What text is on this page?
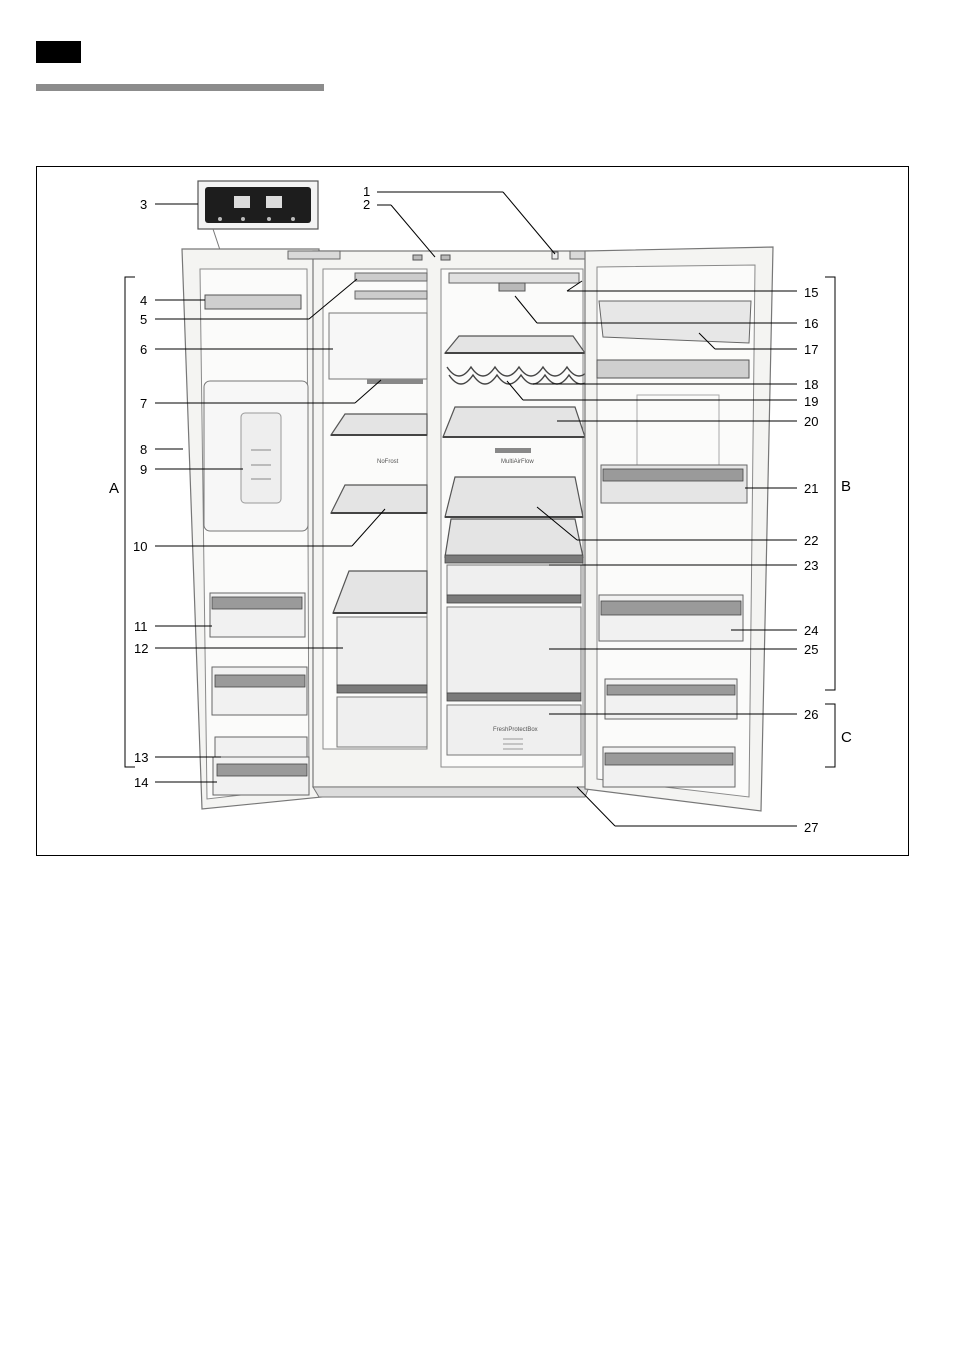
NoFrost	MultiAirFlow
FreshProtectBox
1
2
3
4
5
6
7
8
9
10
11
12
13
14
15
16
17
18
19
20
21
22
23
24
25
26
27
A	B
C
